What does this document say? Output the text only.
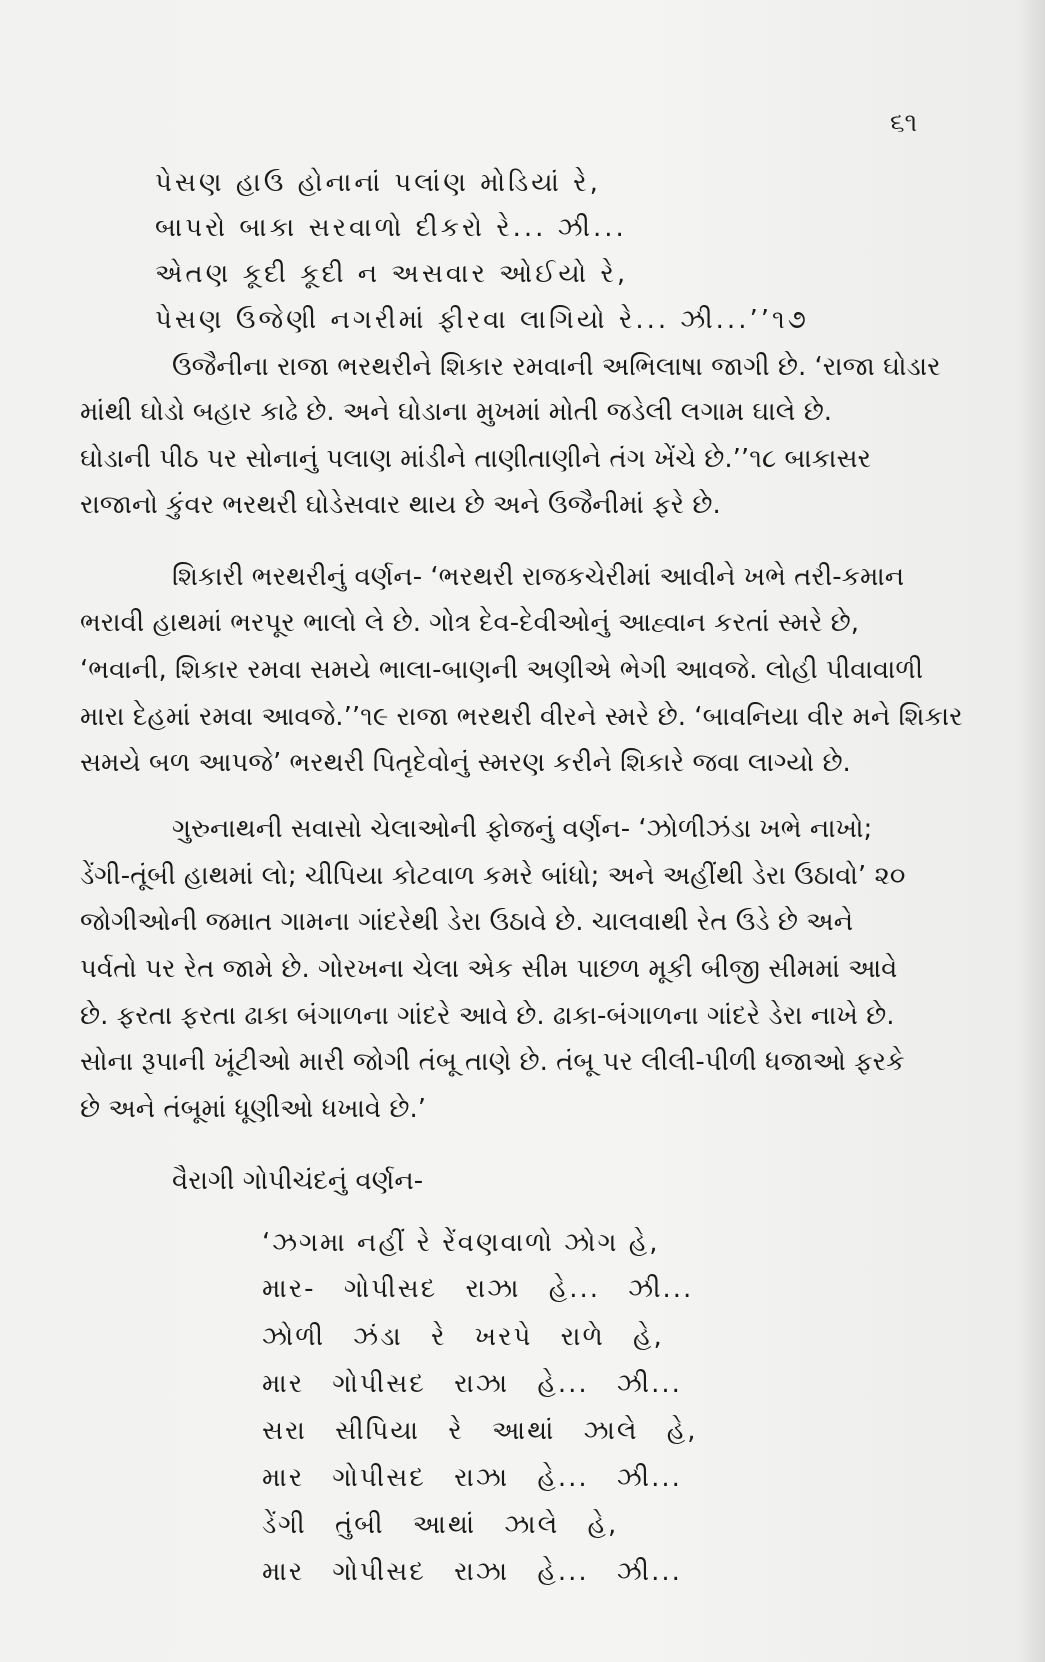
૬૧
પેસણ હાઉ હોનાનાં પલાંણ મોડિયાં રે,
બાપરો બાકા સરવાળો દીકરો રે... ઝી...
એતણ કૂદી કૂદી ન અસવાર ઓઈયો રે,
પેસણ ઉજેણી નગરીમાં ફીરવા લાગિયો રે... ઝી...’’૧૭
ઉજૈનીના રાજા ભરથરીને શિકાર રમવાની અભિલાષા જાગી છે. ‘રાજા ઘોડાર
માંથી ઘોડો બહાર કાઢે છે. અને ઘોડાના મુખમાં મોતી જડેલી લગામ ઘાલે છે.
ઘોડાની પીઠ પર સોનાનું પલાણ માંડીને તાણીતાણીને તંગ ખેંચે છે.’’૧૮ બાકાસર
રાજાનો કુંવર ભરથરી ઘોડેસવાર થાય છે અને ઉજૈનીમાં ફરે છે.
શિકારી ભરથરીનું વર્ણન- ‘ભરથરી રાજકચેરીમાં આવીને ખભે તરી-કમાન
ભરાવી હાથમાં ભરપૂર ભાલો લે છે. ગોત્ર દેવ-દેવીઓનું આહ્વાન કરતાં સ્મરે છે,
‘ભવાની, શિકાર રમવા સમયે ભાલા-બાણની અણીએ ભેગી આવજે. લોહી પીવાવાળી
મારા દેહમાં રમવા આવજે.’’૧૯ રાજા ભરથરી વીરને સ્મરે છે. ‘બાવનિયા વીર મને શિકાર
સમયે બળ આપજે’ ભરથરી પિતૃદેવોનું સ્મરણ કરીને શિકારે જવા લાગ્યો છે.
ગુરુનાથની સવાસો ચેલાઓની ફોજનું વર્ણન- ‘ઝોળીઝંડા ખભે નાખો;
ડેંગી-તૂંબી હાથમાં લો; ચીપિયા કોટવાળ કમરે બાંધો; અને અહીંથી ડેરા ઉઠાવો’ ૨૦
જોગીઓની જમાત ગામના ગાંદરેથી ડેરા ઉઠાવે છે. ચાલવાથી રેત ઉડે છે અને
પર્વતો પર રેત જામે છે. ગોરખના ચેલા એક સીમ પાછળ મૂકી બીજી સીમમાં આવે
છે. ફરતા ફરતા ઢાકા બંગાળના ગાંદરે આવે છે. ઢાકા-બંગાળના ગાંદરે ડેરા નાખે છે.
સોના રૂપાની ખૂંટીઓ મારી જોગી તંબૂ તાણે છે. તંબૂ પર લીલી-પીળી ધજાઓ ફરકે
છે અને તંબૂમાં ધૂણીઓ ધખાવે છે.’
વૈરાગી ગોપીચંદનું વર્ણન-
‘ઝગમા નહીં રે રેંવણવાળો ઝોગ હે,
માર- ગોપીસદ રાઝા હે... ઝી...
ઝોળી ઝંડા રે ખરપે રાળે હે,
માર ગોપીસદ રાઝા હે... ઝી...
સરા સીપિયા રે આથાં ઝાલે હે,
માર ગોપીસદ રાઝા હે... ઝી...
ડેંગી તુંબી આથાં ઝાલે હે,
માર ગોપીસદ રાઝા હે... ઝી...
